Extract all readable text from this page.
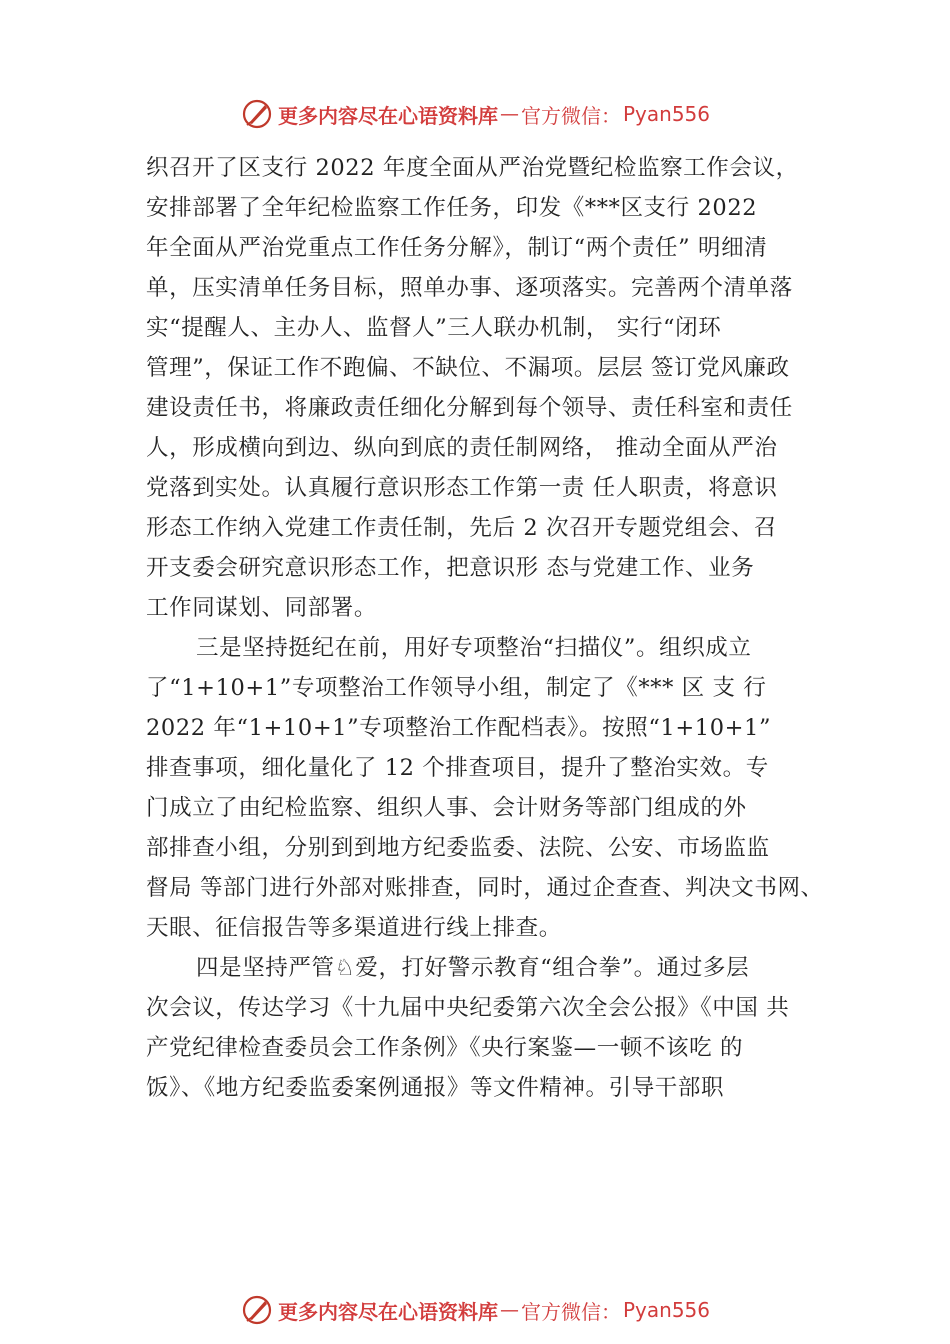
更多内容尽在心语资料库 — 官方微信： Pyan556
织召开了区支行 2022 年度全面从严治党暨纪检监察工作会议，
安排部署了全年纪检监察工作任务，印发《***区支行 2022
年全面从严治党重点工作任务分解》，制订“两个责任” 明细清
单，压实清单任务目标，照单办事、逐项落实。完善两个清单落
实“提醒人、主办人、监督人”三人联办机制， 实行“闭环
管理”，保证工作不跑偏、不缺位、不漏项。层层 签订党风廉政
建设责任书，将廉政责任细化分解到每个领导、责任科室和责任
人，形成横向到边、纵向到底的责任制网络， 推动全面从严治
党落到实处。认真履行意识形态工作第一责 任人职责，将意识
形态工作纳入党建工作责任制，先后 2 次召开专题党组会、召
开支委会研究意识形态工作，把意识形 态与党建工作、业务
工作同谋划、同部署。
三是坚持挺纪在前，用好专项整治“扫描仪”。组织成立
了“1+10+1”专项整治工作领导小组，制定了《*** 区 支 行
2022 年“1+10+1”专项整治工作配档表》。按照“1+10+1”
排查事项，细化量化了 12 个排查项目，提升了整治实效。专
门成立了由纪检监察、组织人事、会计财务等部门组成的外
部排查小组，分别到到地方纪委监委、法院、公安、市场监监
督局 等部门进行外部对账排查，同时，通过企查查、判决文书网、
天眼、征信报告等多渠道进行线上排查。
四是坚持严管♘爱，打好警示教育“组合拳”。通过多层
次会议，传达学习《十九届中央纪委第六次全会公报》《中国 共
产党纪律检查委员会工作条例》《央行案鉴—一顿不该吃 的
饭》、《地方纪委监委案例通报》等文件精神。引导干部职
更多内容尽在心语资料库 — 官方微信： Pyan556
